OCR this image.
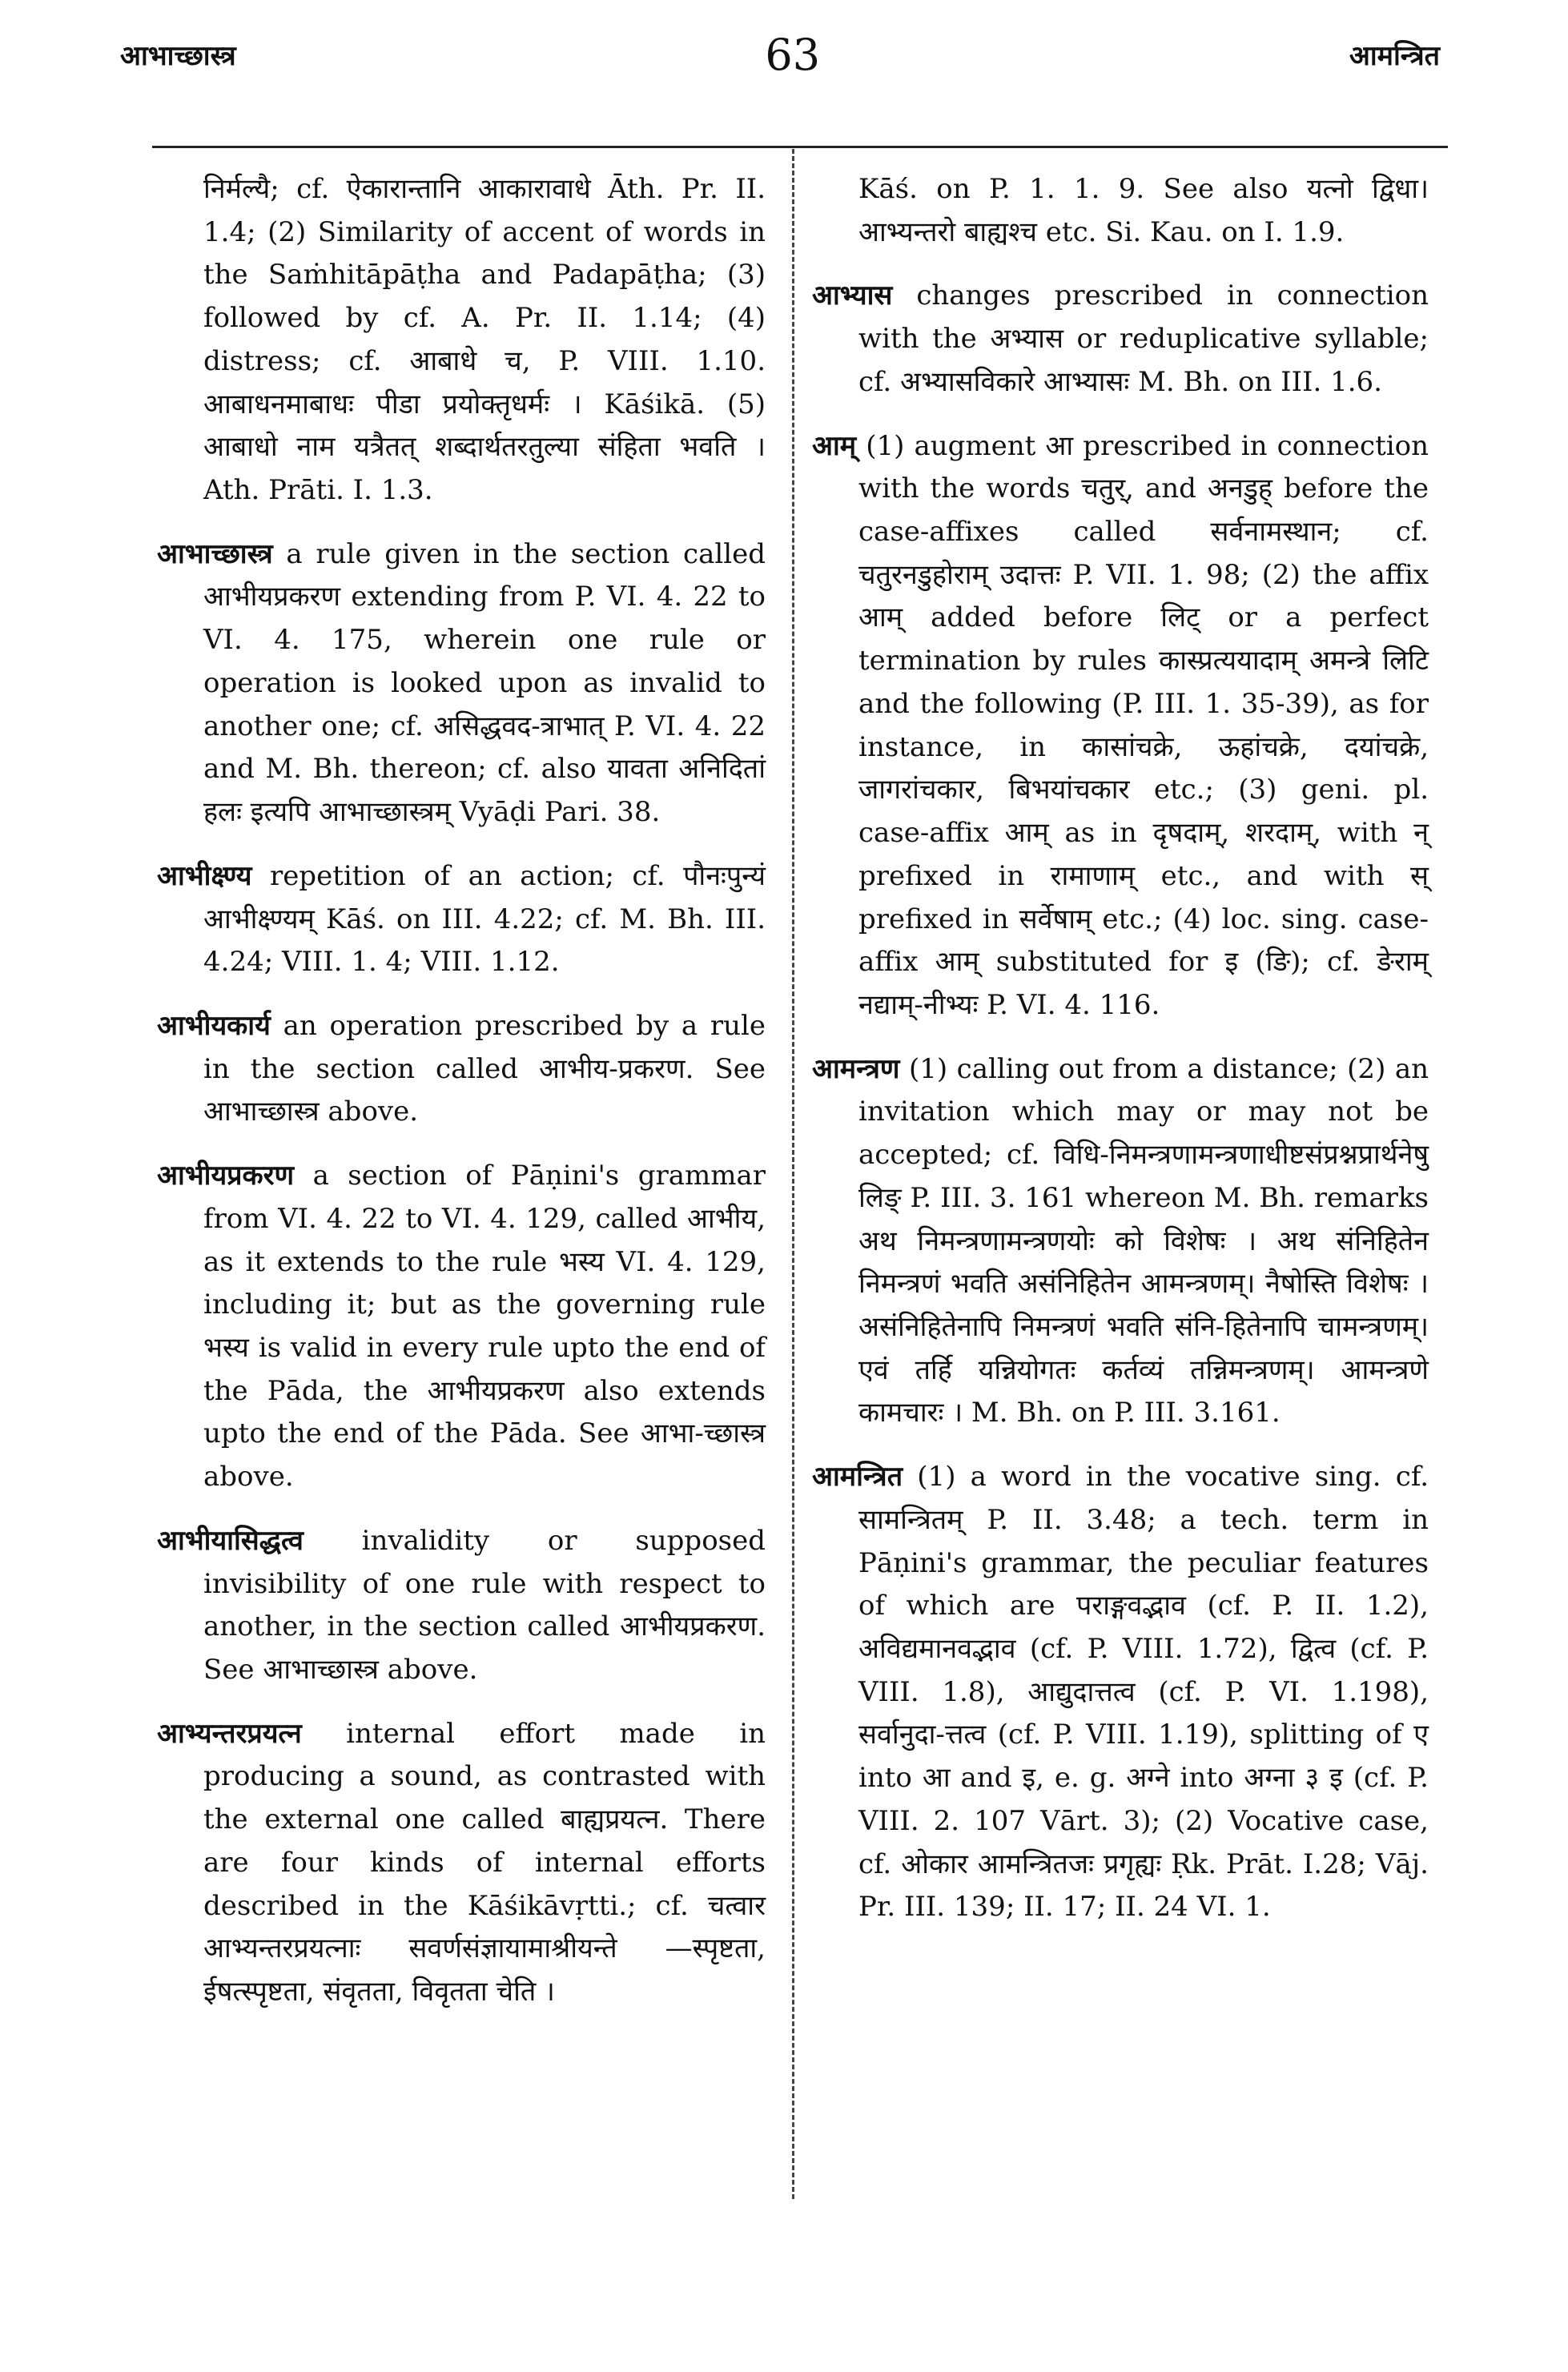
आभाच्छास्त्र	63	आमन्त्रित

निर्मल्यै; cf. ऐकारान्तानि आकारावाधे Āth. Pr. II. 1.4; (2) Similarity of accent of words in the Saṁhitāpāṭha and Padapāṭha; (3) followed by cf. A. Pr. II. 1.14; (4) distress; cf. आबाधे च, P. VIII. 1.10. आबाधनमाबाधः पीडा प्रयोक्तृधर्मः । Kāśikā. (5) आबाधो नाम यत्रैतत् शब्दार्थतरतुल्या संहिता भवति । Ath. Prāti. I. 1.3.

आभाच्छास्त्र a rule given in the section called आभीयप्रकरण extending from P. VI. 4. 22 to VI. 4. 175, wherein one rule or operation is looked upon as invalid to another one; cf. असिद्धवद-त्राभात् P. VI. 4. 22 and M. Bh. thereon; cf. also यावता अनिदितां हलः इत्यपि आभाच्छास्त्रम् Vyāḍi Pari. 38.

आभीक्ष्ण्य repetition of an action; cf. पौनःपुन्यं आभीक्ष्ण्यम् Kāś. on III. 4.22; cf. M. Bh. III. 4.24; VIII. 1. 4; VIII. 1.12.

आभीयकार्य an operation prescribed by a rule in the section called आभीय-प्रकरण. See आभाच्छास्त्र above.

आभीयप्रकरण a section of Pāṇini's grammar from VI. 4. 22 to VI. 4. 129, called आभीय, as it extends to the rule भस्य VI. 4. 129, including it; but as the governing rule भस्य is valid in every rule upto the end of the Pāda, the आभीयप्रकरण also extends upto the end of the Pāda. See आभा-च्छास्त्र above.

आभीयासिद्धत्व invalidity or supposed invisibility of one rule with respect to another, in the section called आभीयप्रकरण. See आभाच्छास्त्र above.

आभ्यन्तरप्रयत्न internal effort made in producing a sound, as contrasted with the external one called बाह्यप्रयत्न. There are four kinds of internal efforts described in the Kāśikāvṛtti.; cf. चत्वार आभ्यन्तरप्रयत्नाः सवर्णसंज्ञायामाश्रीयन्ते —स्पृष्टता, ईषत्स्पृष्टता, संवृतता, विवृतता चेति ।

Kāś. on P. 1. 1. 9. See also यत्नो द्विधा। आभ्यन्तरो बाह्यश्च etc. Si. Kau. on I. 1.9.

आभ्यास changes prescribed in connection with the अभ्यास or reduplicative syllable; cf. अभ्यासविकारे आभ्यासः M. Bh. on III. 1.6.

आम् (1) augment आ prescribed in connection with the words चतुर्, and अनडुह् before the case-affixes called सर्वनामस्थान; cf. चतुरनडुहोराम् उदात्तः P. VII. 1. 98; (2) the affix आम् added before लिट् or a perfect termination by rules कास्प्रत्ययादाम् अमन्त्रे लिटि and the following (P. III. 1. 35-39), as for instance, in कासांचक्रे, ऊहांचक्रे, दयांचक्रे, जागरांचकार, बिभयांचकार etc.; (3) geni. pl. case-affix आम् as in दृषदाम्, शरदाम्, with न् prefixed in रामाणाम् etc., and with स् prefixed in सर्वेषाम् etc.; (4) loc. sing. case-affix आम् substituted for इ (ङि); cf. ङेराम् नद्याम्-नीभ्यः P. VI. 4. 116.

आमन्त्रण (1) calling out from a distance; (2) an invitation which may or may not be accepted; cf. विधि-निमन्त्रणामन्त्रणाधीष्टसंप्रश्नप्रार्थनेषु लिङ् P. III. 3. 161 whereon M. Bh. remarks अथ निमन्त्रणामन्त्रणयोः को विशेषः । अथ संनिहितेन निमन्त्रणं भवति असंनिहितेन आमन्त्रणम्। नैषोस्ति विशेषः । असंनिहितेनापि निमन्त्रणं भवति संनि-हितेनापि चामन्त्रणम्। एवं तर्हि यन्नियोगतः कर्तव्यं तन्निमन्त्रणम्। आमन्त्रणे कामचारः । M. Bh. on P. III. 3.161.

आमन्त्रित (1) a word in the vocative sing. cf. सामन्त्रितम् P. II. 3.48; a tech. term in Pāṇini's grammar, the peculiar features of which are पराङ्गवद्भाव (cf. P. II. 1.2), अविद्यमानवद्भाव (cf. P. VIII. 1.72), द्वित्व (cf. P. VIII. 1.8), आद्युदात्तत्व (cf. P. VI. 1.198), सर्वानुदा-त्तत्व (cf. P. VIII. 1.19), splitting of ए into आ and इ, e. g. अग्ने into अग्ना ३ इ (cf. P. VIII. 2. 107 Vārt. 3); (2) Vocative case, cf. ओकार आमन्त्रितजः प्रगृह्यः Ṛk. Prāt. I.28; Vāj. Pr. III. 139; II. 17; II. 24 VI. 1.
